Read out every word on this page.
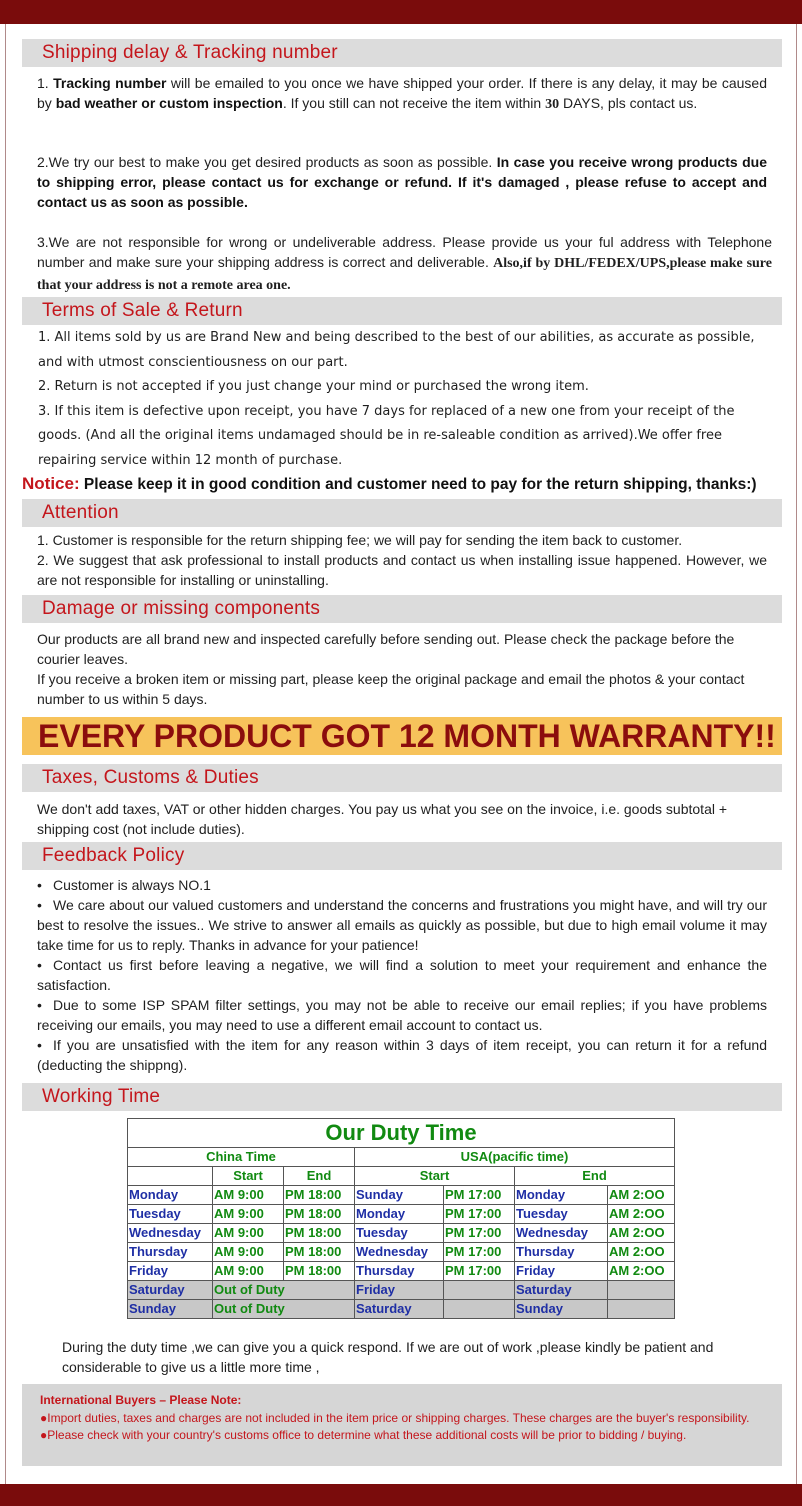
Shipping delay & Tracking number
1. Tracking number will be emailed to you once we have shipped your order. If there is any delay, it may be caused by bad weather or custom inspection. If you still can not receive the item within 30 DAYS, pls contact us.
2.We try our best to make you get desired products as soon as possible. In case you receive wrong products due to shipping error, please contact us for exchange or refund. If it's damaged , please refuse to accept and contact us as soon as possible.
3.We are not responsible for wrong or undeliverable address. Please provide us your ful address with Telephone number and make sure your shipping address is correct and deliverable. Also,if by DHL/FEDEX/UPS,please make sure that your address is not a remote area one.
Terms of Sale & Return
1. All items sold by us are Brand New and being described to the best of our abilities, as accurate as possible, and with utmost conscientiousness on our part.
2. Return is not accepted if you just change your mind or purchased the wrong item.
3. If this item is defective upon receipt, you have 7 days for replaced of a new one from your receipt of the goods. (And all the original items undamaged should be in re-saleable condition as arrived).We offer free repairing service within 12 month of purchase.
Notice: Please keep it in good condition and customer need to pay for the return shipping, thanks:)
Attention
1. Customer is responsible for the return shipping fee; we will pay for sending the item back to customer.
2. We suggest that ask professional to install products and contact us when installing issue happened. However, we are not responsible for installing or uninstalling.
Damage or missing components
Our products are all brand new and inspected carefully before sending out. Please check the package before the courier leaves.
If you receive a broken item or missing part, please keep the original package and email the photos & your contact number to us within 5 days.
EVERY PRODUCT GOT 12 MONTH WARRANTY!!
Taxes, Customs & Duties
We don't add taxes, VAT or other hidden charges. You pay us what you see on the invoice, i.e. goods subtotal + shipping cost (not include duties).
Feedback Policy
• Customer is always NO.1
• We care about our valued customers and understand the concerns and frustrations you might have, and will try our best to resolve the issues.. We strive to answer all emails as quickly as possible, but due to high email volume it may take time for us to reply. Thanks in advance for your patience!
• Contact us first before leaving a negative, we will find a solution to meet your requirement and enhance the satisfaction.
• Due to some ISP SPAM filter settings, you may not be able to receive our email replies; if you have problems receiving our emails, you may need to use a different email account to contact us.
• If you are unsatisfied with the item for any reason within 3 days of item receipt, you can return it for a refund (deducting the shippng).
Working Time
Our Duty Time						
China Time			USA(pacific time)			
	Start	End	Start		End	
Monday	AM 9:00	PM 18:00	Sunday	PM 17:00	Monday	AM 2:OO
Tuesday	AM 9:00	PM 18:00	Monday	PM 17:00	Tuesday	AM 2:OO
Wednesday	AM 9:00	PM 18:00	Tuesday	PM 17:00	Wednesday	AM 2:OO
Thursday	AM 9:00	PM 18:00	Wednesday	PM 17:00	Thursday	AM 2:OO
Friday	AM 9:00	PM 18:00	Thursday	PM 17:00	Friday	AM 2:OO
Saturday	Out of Duty		Friday		Saturday	
Sunday	Out of Duty		Saturday		Sunday	
During the duty time ,we can give you a quick respond. If we are out of work ,please kindly be patient and considerable to give us a little more time ,
International Buyers – Please Note:
●Import duties, taxes and charges are not included in the item price or shipping charges. These charges are the buyer's responsibility.
●Please check with your country's customs office to determine what these additional costs will be prior to bidding / buying.
